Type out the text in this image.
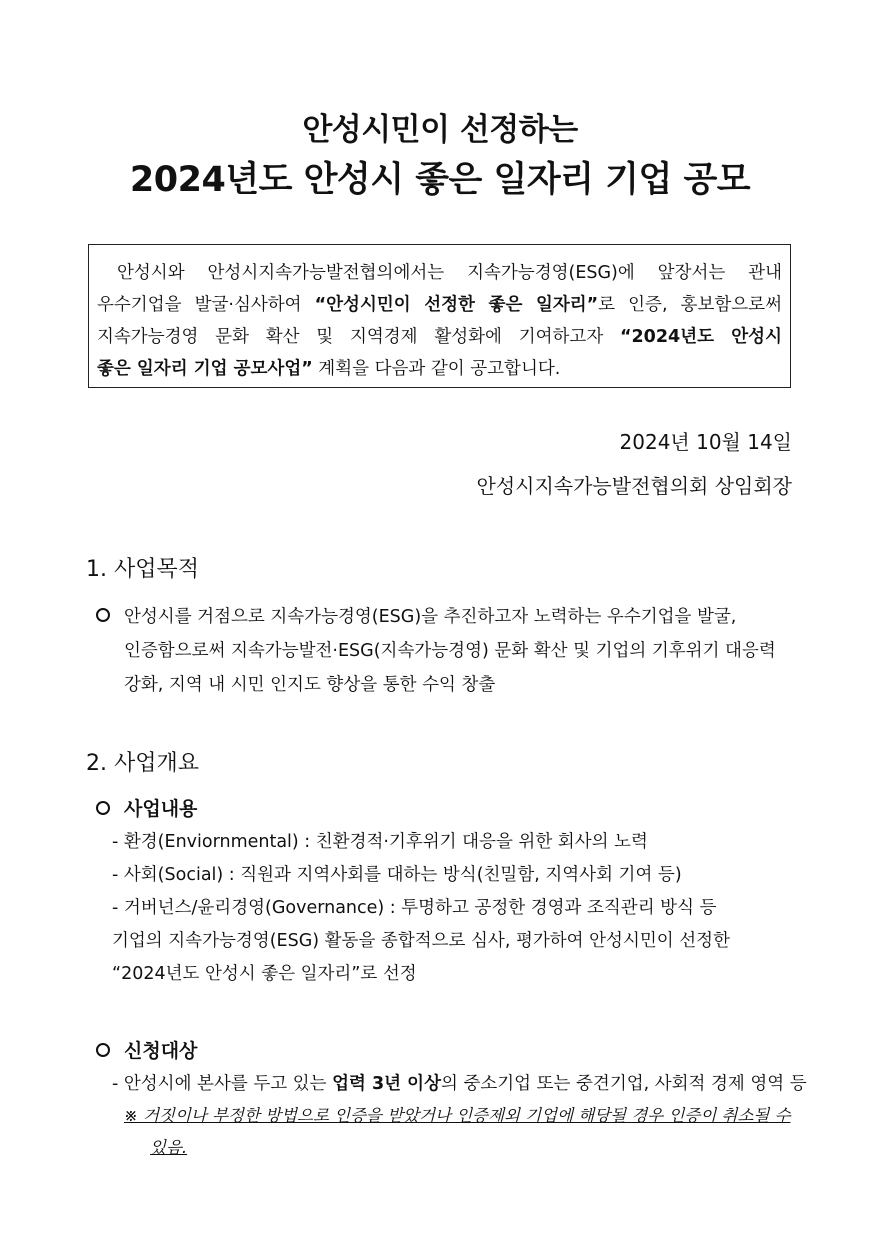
안성시민이 선정하는
2024년도 안성시 좋은 일자리 기업 공모

안성시와 안성시지속가능발전협의에서는 지속가능경영(ESG)에 앞장서는 관내

우수기업을 발굴·심사하여 “안성시민이 선정한 좋은 일자리”로 인증, 홍보함으로써

지속가능경영 문화 확산 및 지역경제 활성화에 기여하고자 “2024년도 안성시

좋은 일자리 기업 공모사업” 계획을 다음과 같이 공고합니다.

2024년 10월 14일
안성시지속가능발전협의회 상임회장
1. 사업목적
안성시를 거점으로 지속가능경영(ESG)을 추진하고자 노력하는 우수기업을 발굴,
인증함으로써 지속가능발전·ESG(지속가능경영) 문화 확산 및 기업의 기후위기 대응력
강화, 지역 내 시민 인지도 향상을 통한 수익 창출
2. 사업개요
사업내용
- 환경(Enviornmental) : 친환경적·기후위기 대응을 위한 회사의 노력
- 사회(Social) : 직원과 지역사회를 대하는 방식(친밀함, 지역사회 기여 등)
- 거버넌스/윤리경영(Governance) : 투명하고 공정한 경영과 조직관리 방식 등
기업의 지속가능경영(ESG) 활동을 종합적으로 심사, 평가하여 안성시민이 선정한
“2024년도 안성시 좋은 일자리”로 선정
신청대상
- 안성시에 본사를 두고 있는 업력 3년 이상의 중소기업 또는 중견기업, 사회적 경제 영역 등
※ 거짓이나 부정한 방법으로 인증을 받았거나 인증제외 기업에 해당될 경우 인증이 취소될 수
있음.
